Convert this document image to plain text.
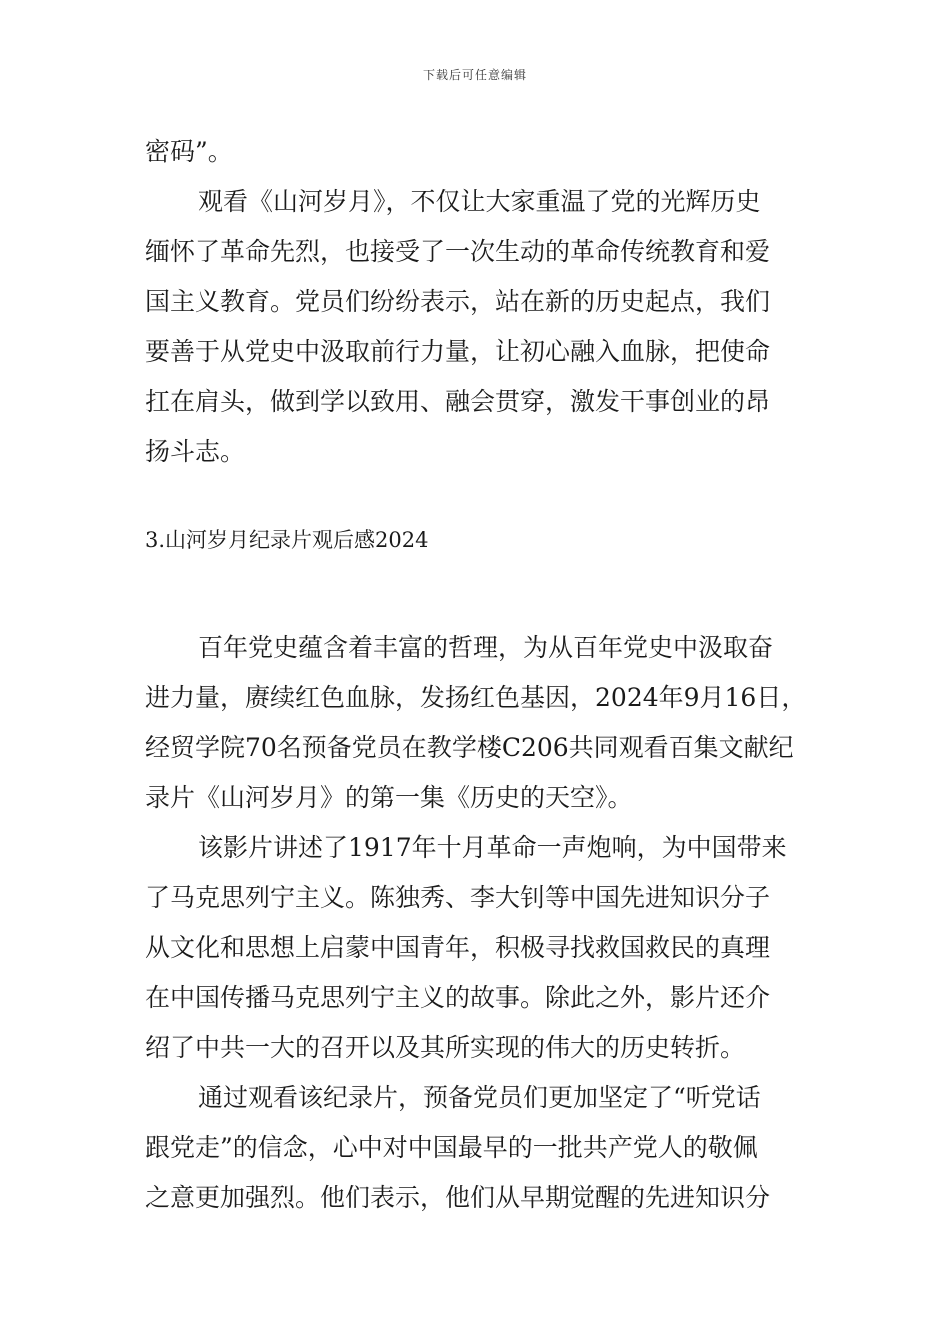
下载后可任意编辑
密码”。
观看《山河岁月》，不仅让大家重温了党的光辉历史
缅怀了革命先烈，也接受了一次生动的革命传统教育和爱
国主义教育。党员们纷纷表示，站在新的历史起点，我们
要善于从党史中汲取前行力量，让初心融入血脉，把使命
扛在肩头，做到学以致用、融会贯穿，激发干事创业的昂
扬斗志。
3.山河岁月纪录片观后感2024
百年党史蕴含着丰富的哲理，为从百年党史中汲取奋
进力量，赓续红色血脉，发扬红色基因，2024年9月16日，
经贸学院70名预备党员在教学楼C206共同观看百集文献纪
录片《山河岁月》的第一集《历史的天空》。
该影片讲述了1917年十月革命一声炮响，为中国带来
了马克思列宁主义。陈独秀、李大钊等中国先进知识分子
从文化和思想上启蒙中国青年，积极寻找救国救民的真理
在中国传播马克思列宁主义的故事。除此之外，影片还介
绍了中共一大的召开以及其所实现的伟大的历史转折。
通过观看该纪录片，预备党员们更加坚定了“听党话
跟党走”的信念，心中对中国最早的一批共产党人的敬佩
之意更加强烈。他们表示，他们从早期觉醒的先进知识分
